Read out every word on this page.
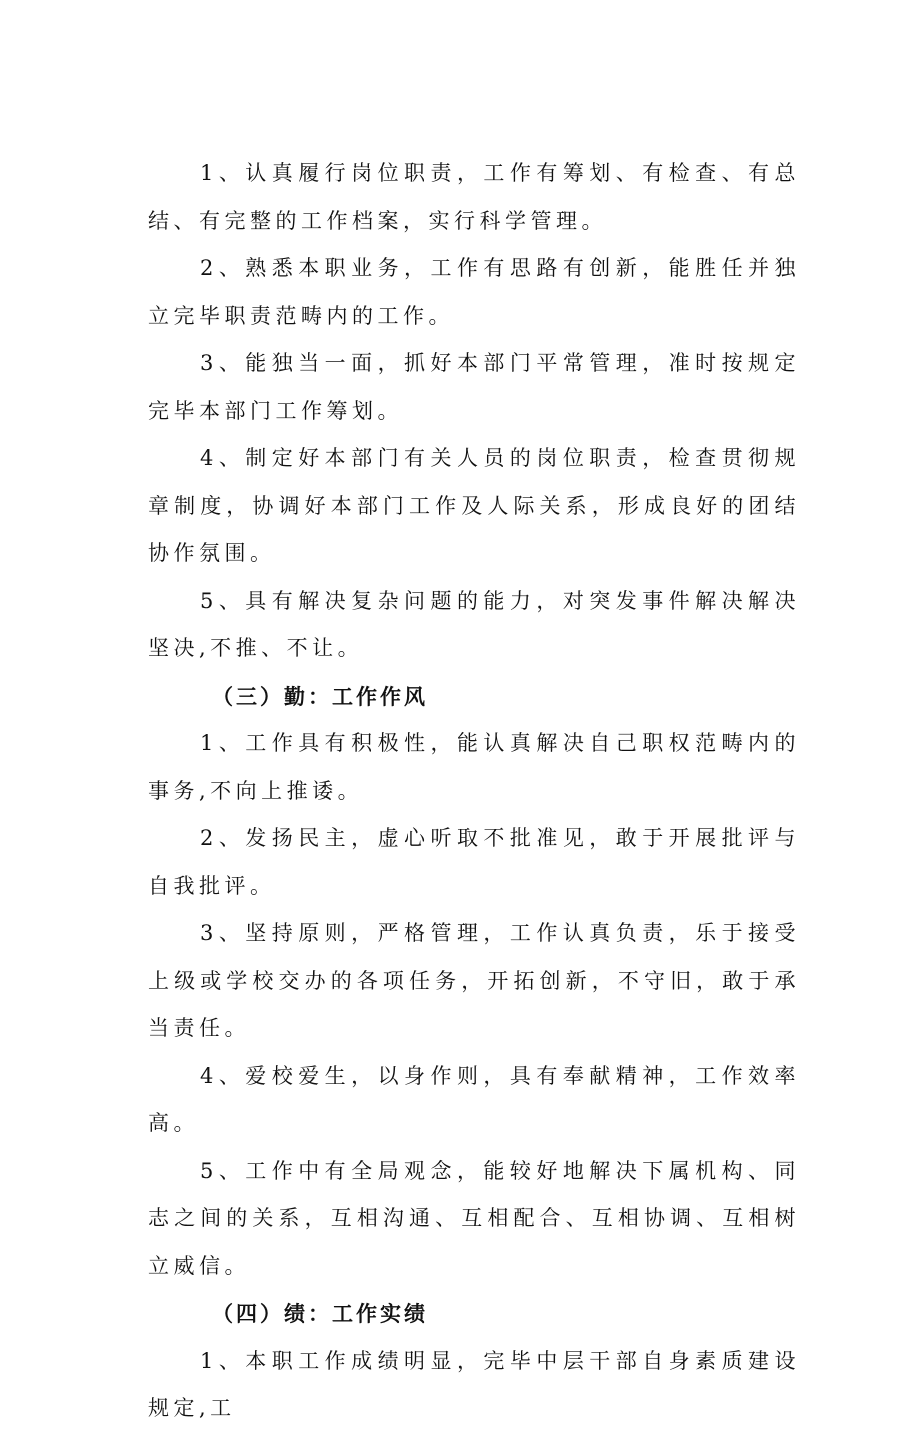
1、认真履行岗位职责，工作有筹划、有检查、有总结、有完整的工作档案，实行科学管理。

2、熟悉本职业务，工作有思路有创新，能胜任并独立完毕职责范畴内的工作。

3、能独当一面，抓好本部门平常管理，准时按规定完毕本部门工作筹划。

4、制定好本部门有关人员的岗位职责，检查贯彻规章制度，协调好本部门工作及人际关系，形成良好的团结协作氛围。

5、具有解决复杂问题的能力，对突发事件解决解决坚决,不推、不让。

（三）勤：工作作风

1、工作具有积极性，能认真解决自己职权范畴内的事务,不向上推诿。

2、发扬民主，虚心听取不批准见，敢于开展批评与自我批评。

3、坚持原则，严格管理，工作认真负责，乐于接受上级或学校交办的各项任务，开拓创新，不守旧，敢于承当责任。

4、爱校爱生，以身作则，具有奉献精神，工作效率高。

5、工作中有全局观念，能较好地解决下属机构、同志之间的关系，互相沟通、互相配合、互相协调、互相树立威信。

（四）绩：工作实绩

1、本职工作成绩明显，完毕中层干部自身素质建设规定,工
